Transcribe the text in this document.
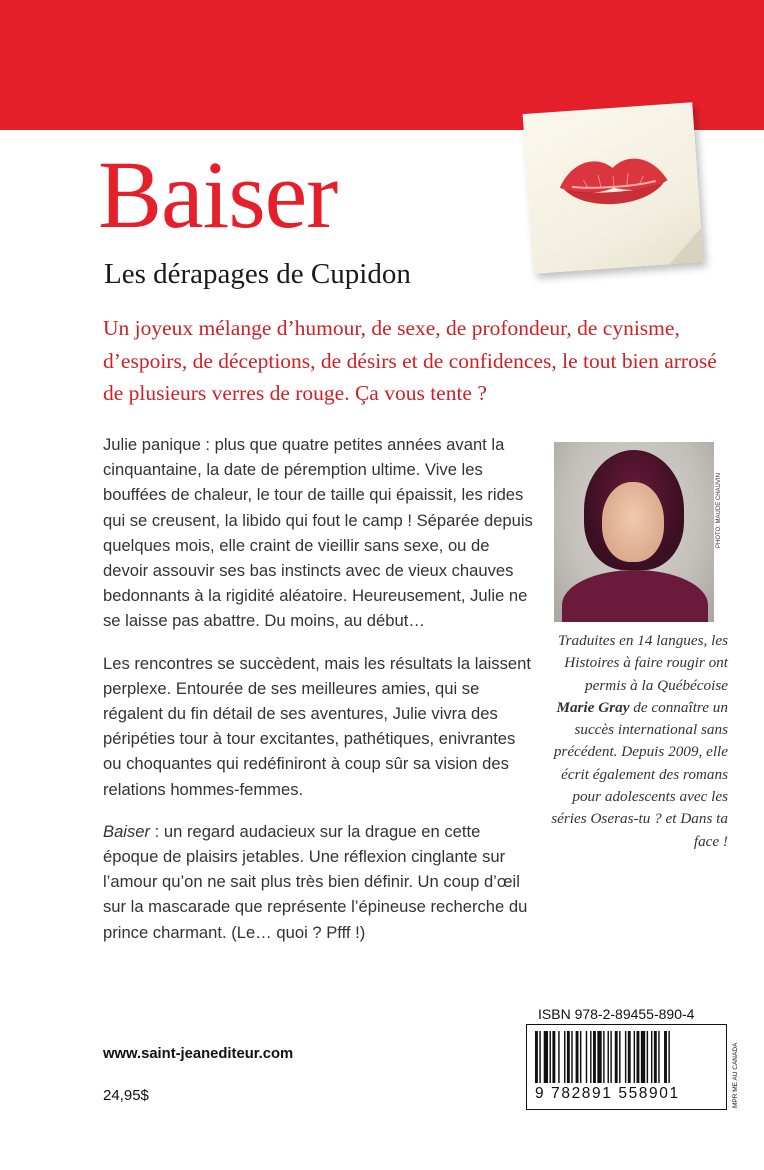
Baiser
Les dérapages de Cupidon

Un joyeux mélange d’humour, de sexe, de profondeur, de cynisme, d’espoirs, de déceptions, de désirs et de confidences, le tout bien arrosé de plusieurs verres de rouge. Ça vous tente ?

Julie panique : plus que quatre petites années avant la cinquantaine, la date de péremption ultime. Vive les bouffées de chaleur, le tour de taille qui épaissit, les rides qui se creusent, la libido qui fout le camp ! Séparée depuis quelques mois, elle craint de vieillir sans sexe, ou de devoir assouvir ses bas instincts avec de vieux chauves bedonnants à la rigidité aléatoire. Heureusement, Julie ne se laisse pas abattre. Du moins, au début…

Les rencontres se succèdent, mais les résultats la laissent perplexe. Entourée de ses meilleures amies, qui se régalent du fin détail de ses aventures, Julie vivra des péripéties tour à tour excitantes, pathétiques, enivrantes ou choquantes qui redéfiniront à coup sûr sa vision des relations hommes-femmes.

Baiser : un regard audacieux sur la drague en cette époque de plaisirs jetables. Une réflexion cinglante sur l’amour qu’on ne sait plus très bien définir. Un coup d’œil sur la mascarade que représente l’épineuse recherche du prince charmant. (Le… quoi ? Pfff !)

PHOTO: MAUDE CHAUVIN

Traduites en 14 langues, les Histoires à faire rougir ont permis à la Québécoise Marie Gray de connaître un succès international sans précédent. Depuis 2009, elle écrit également des romans pour adolescents avec les séries Oseras-tu ? et Dans ta face !

ISBN 978-2-89455-890-4

9 782891 558901	MPR ME AU CANADA

www.saint-jeanediteur.com

24,95$
